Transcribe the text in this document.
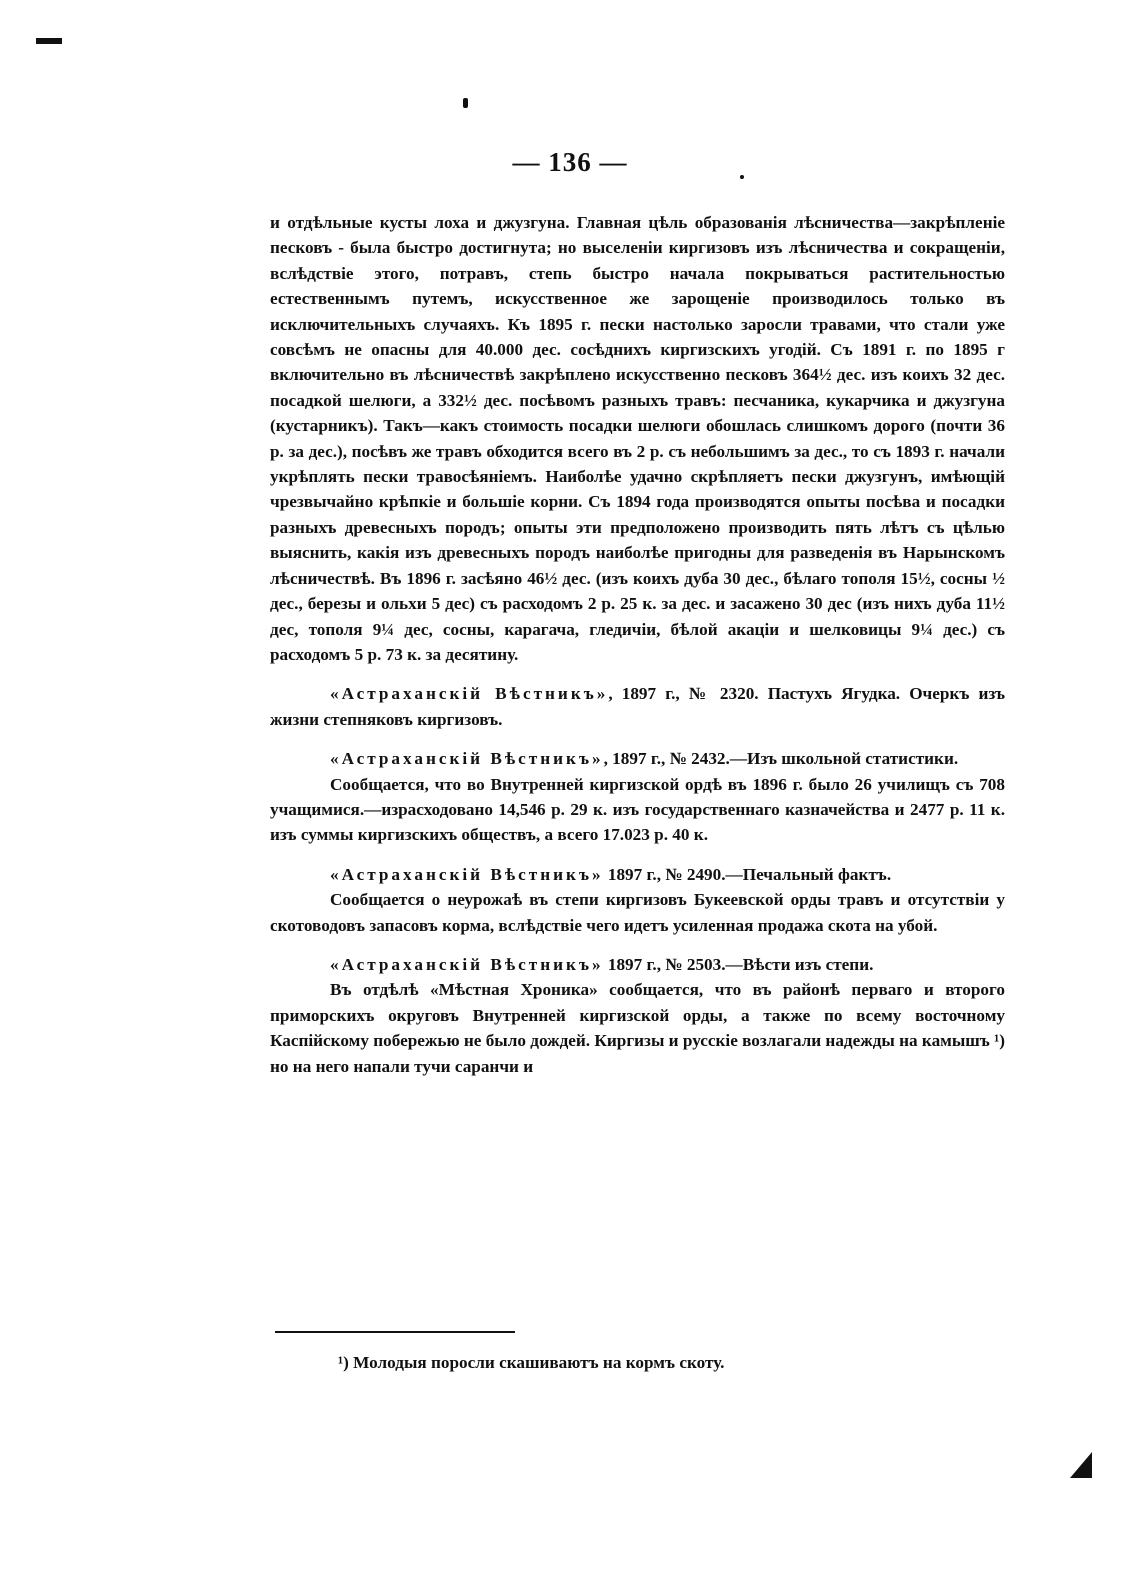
— 136 —

и отдѣльные кусты лоха и джузгуна. Главная цѣль образованія лѣсничества—закрѣпленіе песковъ - была быстро достигнута; но выселеніи киргизовъ изъ лѣсничества и сокращеніи, вслѣдствіе этого, потравъ, степь быстро начала покрываться растительностью естественнымъ путемъ, искусственное же зарощеніе производилось только въ исключительныхъ случаяхъ. Къ 1895 г. пески настолько заросли травами, что стали уже совсѣмъ не опасны для 40.000 дес. сосѣднихъ киргизскихъ угодій. Съ 1891 г. по 1895 г включительно въ лѣсничествѣ закрѣплено искусственно песковъ 364½ дес. изъ коихъ 32 дес. посадкой шелюги, а 332½ дес. посѣвомъ разныхъ травъ: песчаника, кукарчика и джузгуна (кустарникъ). Такъ—какъ стоимость посадки шелюги обошлась слишкомъ дорого (почти 36 р. за дес.), посѣвъ же травъ обходится всего въ 2 р. съ небольшимъ за дес., то съ 1893 г. начали укрѣплять пески травосѣяніемъ. Наиболѣе удачно скрѣпляетъ пески джузгунъ, имѣющій чрезвычайно крѣпкіе и большіе корни. Съ 1894 года производятся опыты посѣва и посадки разныхъ древесныхъ породъ; опыты эти предположено производить пять лѣтъ съ цѣлью выяснить, какія изъ древесныхъ породъ наиболѣе пригодны для разведенія въ Нарынскомъ лѣсничествѣ. Въ 1896 г. засѣяно 46½ дес. (изъ коихъ дуба 30 дес., бѣлаго тополя 15½, сосны ½ дес., березы и ольхи 5 дес) съ расходомъ 2 р. 25 к. за дес. и засажено 30 дес (изъ нихъ дуба 11½ дес, тополя 9¼ дес, сосны, карагача, гледичіи, бѣлой акаціи и шелковицы 9¼ дес.) съ расходомъ 5 р. 73 к. за десятину.

«Астраханскій Вѣстникъ», 1897 г., № 2320. Пастухъ Ягудка. Очеркъ изъ жизни степняковъ киргизовъ.

«Астраханскій Вѣстникъ», 1897 г., № 2432.—Изъ школьной статистики.

Сообщается, что во Внутренней киргизской ордѣ въ 1896 г. было 26 училищъ съ 708 учащимися.—израсходовано 14,546 р. 29 к. изъ государственнаго казначейства и 2477 р. 11 к. изъ суммы киргизскихъ обществъ, а всего 17.023 р. 40 к.

«Астраханскій Вѣстникъ» 1897 г., № 2490.—Печальный фактъ.

Сообщается о неурожаѣ въ степи киргизовъ Букеевской орды травъ и отсутствіи у скотоводовъ запасовъ корма, вслѣдствіе чего идетъ усиленная продажа скота на убой.

«Астраханскій Вѣстникъ» 1897 г., № 2503.—Вѣсти изъ степи.

Въ отдѣлѣ «Мѣстная Хроника» сообщается, что въ районѣ перваго и второго приморскихъ округовъ Внутренней киргизской орды, а также по всему восточному Каспійскому побережью не было дождей. Киргизы и русскіе возлагали надежды на камышъ ¹) но на него напали тучи саранчи и

¹) Молодыя поросли скашиваютъ на кормъ скоту.
